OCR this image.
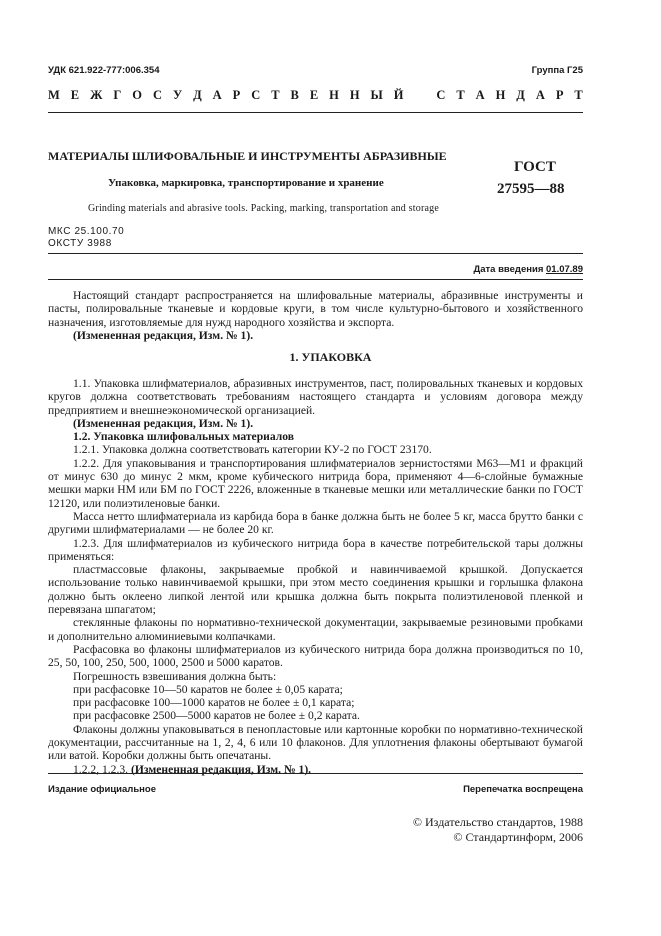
УДК 621.922-777:006.354	Группа Г25
М Е Ж Г О С У Д А Р С Т В Е Н Н Ы Й	С Т А Н Д А Р Т
МАТЕРИАЛЫ ШЛИФОВАЛЬНЫЕ И ИНСТРУМЕНТЫ АБРАЗИВНЫЕ
Упаковка, маркировка, транспортирование и хранение
ГОСТ
27595—88
Grinding materials and abrasive tools. Packing, marking, transportation and storage
МКС 25.100.70
ОКСТУ 3988
Дата введения 01.07.89

Настоящий стандарт распространяется на шлифовальные материалы, абразивные инструменты и пасты, полировальные тканевые и кордовые круги, в том числе культурно-бытового и хозяйственного назначения, изготовляемые для нужд народного хозяйства и экспорта.

(Измененная редакция, Изм. № 1).

1. УПАКОВКА

1.1. Упаковка шлифматериалов, абразивных инструментов, паст, полировальных тканевых и кордовых кругов должна соответствовать требованиям настоящего стандарта и условиям договора между предприятием и внешнеэкономической организацией.

(Измененная редакция, Изм. № 1).

1.2. Упаковка шлифовальных материалов

1.2.1. Упаковка должна соответствовать категории КУ-2 по ГОСТ 23170.

1.2.2. Для упаковывания и транспортирования шлифматериалов зернистостями М63—М1 и фракций от минус 630 до минус 2 мкм, кроме кубического нитрида бора, применяют 4—6-слойные бумажные мешки марки НМ или БМ по ГОСТ 2226, вложенные в тканевые мешки или металлические банки по ГОСТ 12120, или полиэтиленовые банки.

Масса нетто шлифматериала из карбида бора в банке должна быть не более 5 кг, масса брутто банки с другими шлифматериалами — не более 20 кг.

1.2.3. Для шлифматериалов из кубического нитрида бора в качестве потребительской тары должны применяться:

пластмассовые флаконы, закрываемые пробкой и навинчиваемой крышкой. Допускается использование только навинчиваемой крышки, при этом место соединения крышки и горлышка флакона должно быть оклеено липкой лентой или крышка должна быть покрыта полиэтиленовой пленкой и перевязана шпагатом;

стеклянные флаконы по нормативно-технической документации, закрываемые резиновыми пробками и дополнительно алюминиевыми колпачками.

Расфасовка во флаконы шлифматериалов из кубического нитрида бора должна производиться по 10, 25, 50, 100, 250, 500, 1000, 2500 и 5000 каратов.

Погрешность взвешивания должна быть:

при расфасовке 10—50 каратов не более ± 0,05 карата;

при расфасовке 100—1000 каратов не более ± 0,1 карата;

при расфасовке 2500—5000 каратов не более ± 0,2 карата.

Флаконы должны упаковываться в пенопластовые или картонные коробки по нормативно-технической документации, рассчитанные на 1, 2, 4, 6 или 10 флаконов. Для уплотнения флаконы обертывают бумагой или ватой. Коробки должны быть опечатаны.

1.2.2, 1.2.3. (Измененная редакция, Изм. № 1).

Издание официальное	Перепечатка воспрещена
© Издательство стандартов, 1988
© Стандартинформ, 2006
